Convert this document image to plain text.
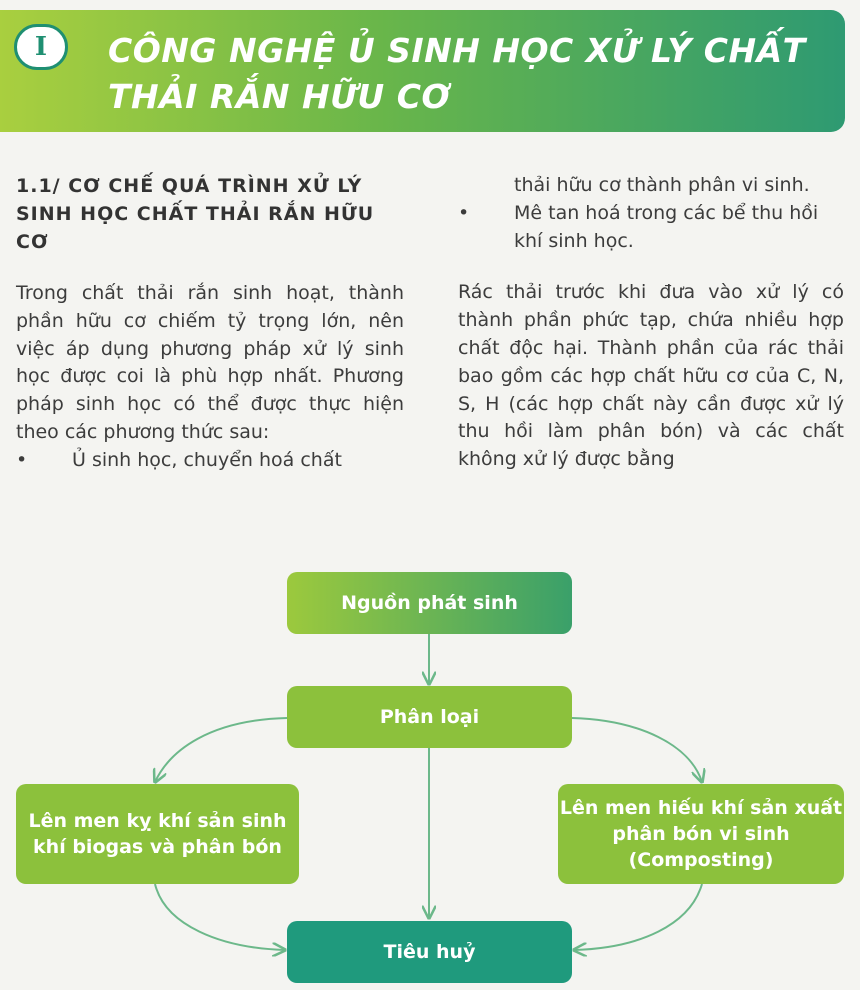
I CÔNG NGHỆ Ủ SINH HỌC XỬ LÝ CHẤT THẢI RẮN HỮU CƠ
1.1/ CƠ CHẾ QUÁ TRÌNH XỬ LÝ SINH HỌC CHẤT THẢI RẮN HỮU CƠ

Trong chất thải rắn sinh hoạt, thành phần hữu cơ chiếm tỷ trọng lớn, nên việc áp dụng phương pháp xử lý sinh học được coi là phù hợp nhất. Phương pháp sinh học có thể được thực hiện theo các phương thức sau:

• Ủ sinh học, chuyển hoá chất
thải hữu cơ thành phân vi sinh.
• Mê tan hoá trong các bể thu hồi khí sinh học.

Rác thải trước khi đưa vào xử lý có thành phần phức tạp, chứa nhiều hợp chất độc hại. Thành phần của rác thải bao gồm các hợp chất hữu cơ của C, N, S, H (các hợp chất này cần được xử lý thu hồi làm phân bón) và các chất không xử lý được bằng

Nguồn phát sinh
Phân loại
Lên men kỵ khí sản sinh khí biogas và phân bón
Lên men hiếu khí sản xuất phân bón vi sinh (Composting)
Tiêu huỷ
